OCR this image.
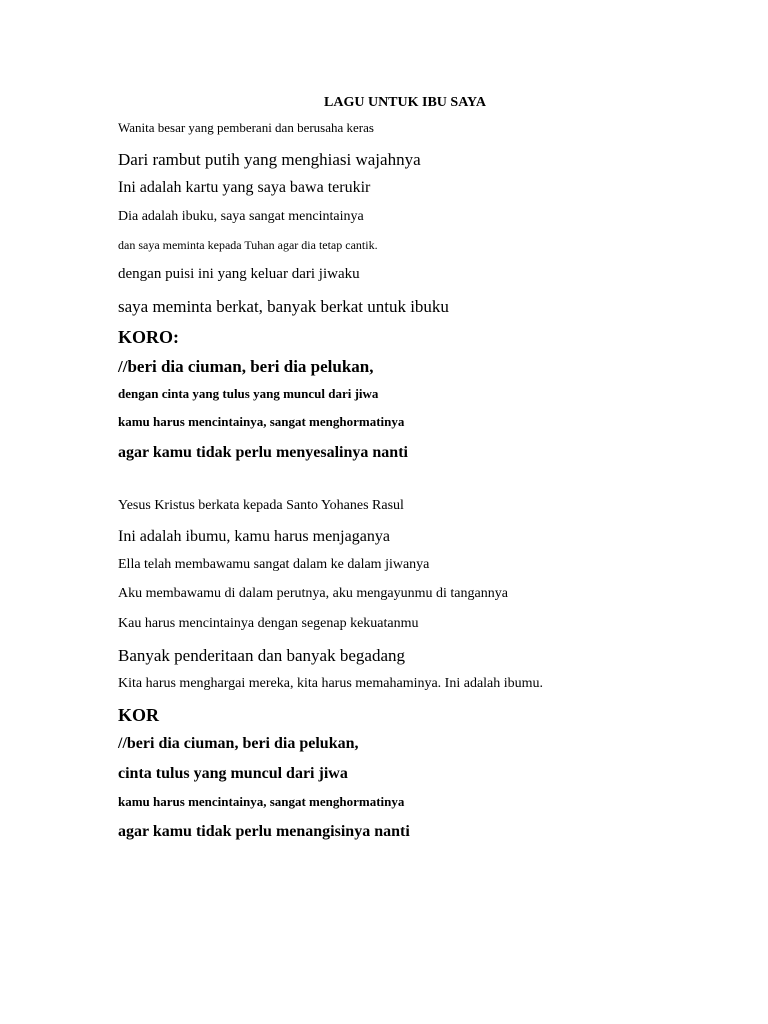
LAGU UNTUK IBU SAYA
Wanita besar yang pemberani dan berusaha keras
Dari rambut putih yang menghiasi wajahnya
Ini adalah kartu yang saya bawa terukir
Dia adalah ibuku, saya sangat mencintainya
dan saya meminta kepada Tuhan agar dia tetap cantik.
dengan puisi ini yang keluar dari jiwaku
saya meminta berkat, banyak berkat untuk ibuku
KORO:
//beri dia ciuman, beri dia pelukan,
dengan cinta yang tulus yang muncul dari jiwa
kamu harus mencintainya, sangat menghormatinya
agar kamu tidak perlu menyesalinya nanti
Yesus Kristus berkata kepada Santo Yohanes Rasul
Ini adalah ibumu, kamu harus menjaganya
Ella telah membawamu sangat dalam ke dalam jiwanya
Aku membawamu di dalam perutnya, aku mengayunmu di tangannya
Kau harus mencintainya dengan segenap kekuatanmu
Banyak penderitaan dan banyak begadang
Kita harus menghargai mereka, kita harus memahaminya. Ini adalah ibumu.
KOR
//beri dia ciuman, beri dia pelukan,
cinta tulus yang muncul dari jiwa
kamu harus mencintainya, sangat menghormatinya
agar kamu tidak perlu menangisinya nanti
